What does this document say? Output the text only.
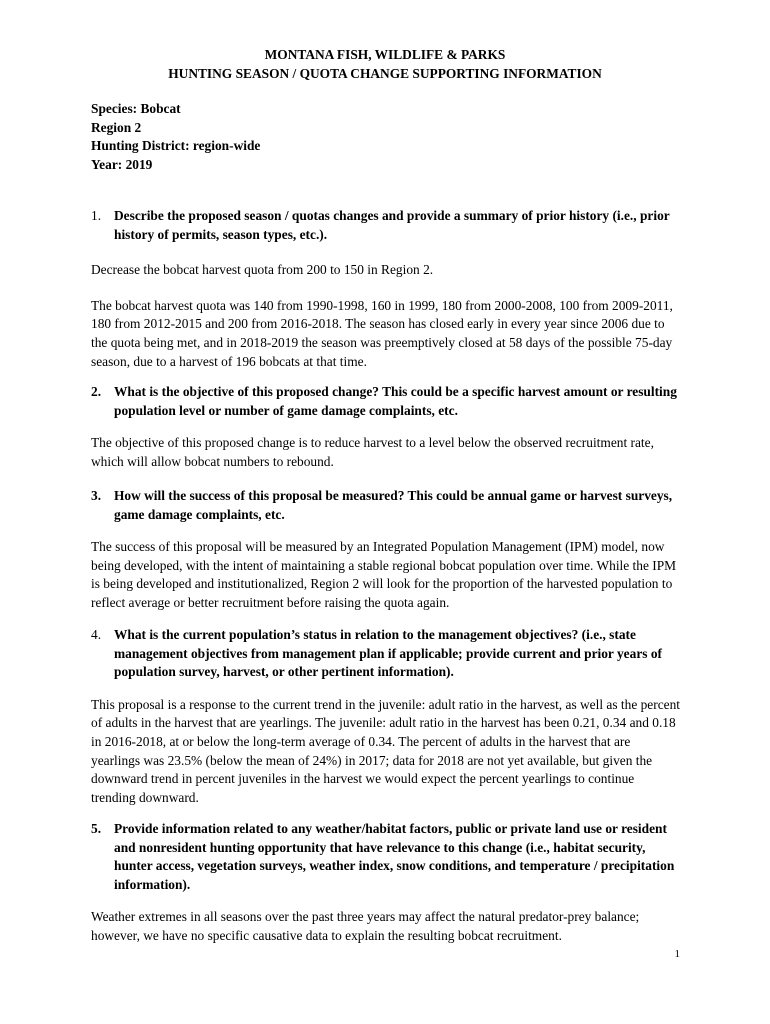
MONTANA FISH, WILDLIFE & PARKS
HUNTING SEASON / QUOTA CHANGE SUPPORTING INFORMATION
Species: Bobcat
Region 2
Hunting District: region-wide
Year: 2019
1. Describe the proposed season / quotas changes and provide a summary of prior history (i.e., prior history of permits, season types, etc.).

Decrease the bobcat harvest quota from 200 to 150 in Region 2.

The bobcat harvest quota was 140 from 1990-1998, 160 in 1999, 180 from 2000-2008, 100 from 2009-2011, 180 from 2012-2015 and 200 from 2016-2018. The season has closed early in every year since 2006 due to the quota being met, and in 2018-2019 the season was preemptively closed at 58 days of the possible 75-day season, due to a harvest of 196 bobcats at that time.

2. What is the objective of this proposed change? This could be a specific harvest amount or resulting population level or number of game damage complaints, etc.

The objective of this proposed change is to reduce harvest to a level below the observed recruitment rate, which will allow bobcat numbers to rebound.

3. How will the success of this proposal be measured? This could be annual game or harvest surveys, game damage complaints, etc.

The success of this proposal will be measured by an Integrated Population Management (IPM) model, now being developed, with the intent of maintaining a stable regional bobcat population over time. While the IPM is being developed and institutionalized, Region 2 will look for the proportion of the harvested population to reflect average or better recruitment before raising the quota again.

4. What is the current population’s status in relation to the management objectives? (i.e., state management objectives from management plan if applicable; provide current and prior years of population survey, harvest, or other pertinent information).

This proposal is a response to the current trend in the juvenile: adult ratio in the harvest, as well as the percent of adults in the harvest that are yearlings. The juvenile: adult ratio in the harvest has been 0.21, 0.34 and 0.18 in 2016-2018, at or below the long-term average of 0.34. The percent of adults in the harvest that are yearlings was 23.5% (below the mean of 24%) in 2017; data for 2018 are not yet available, but given the downward trend in percent juveniles in the harvest we would expect the percent yearlings to continue trending downward.

5. Provide information related to any weather/habitat factors, public or private land use or resident and nonresident hunting opportunity that have relevance to this change (i.e., habitat security, hunter access, vegetation surveys, weather index, snow conditions, and temperature / precipitation information).

Weather extremes in all seasons over the past three years may affect the natural predator-prey balance; however, we have no specific causative data to explain the resulting bobcat recruitment.

1
